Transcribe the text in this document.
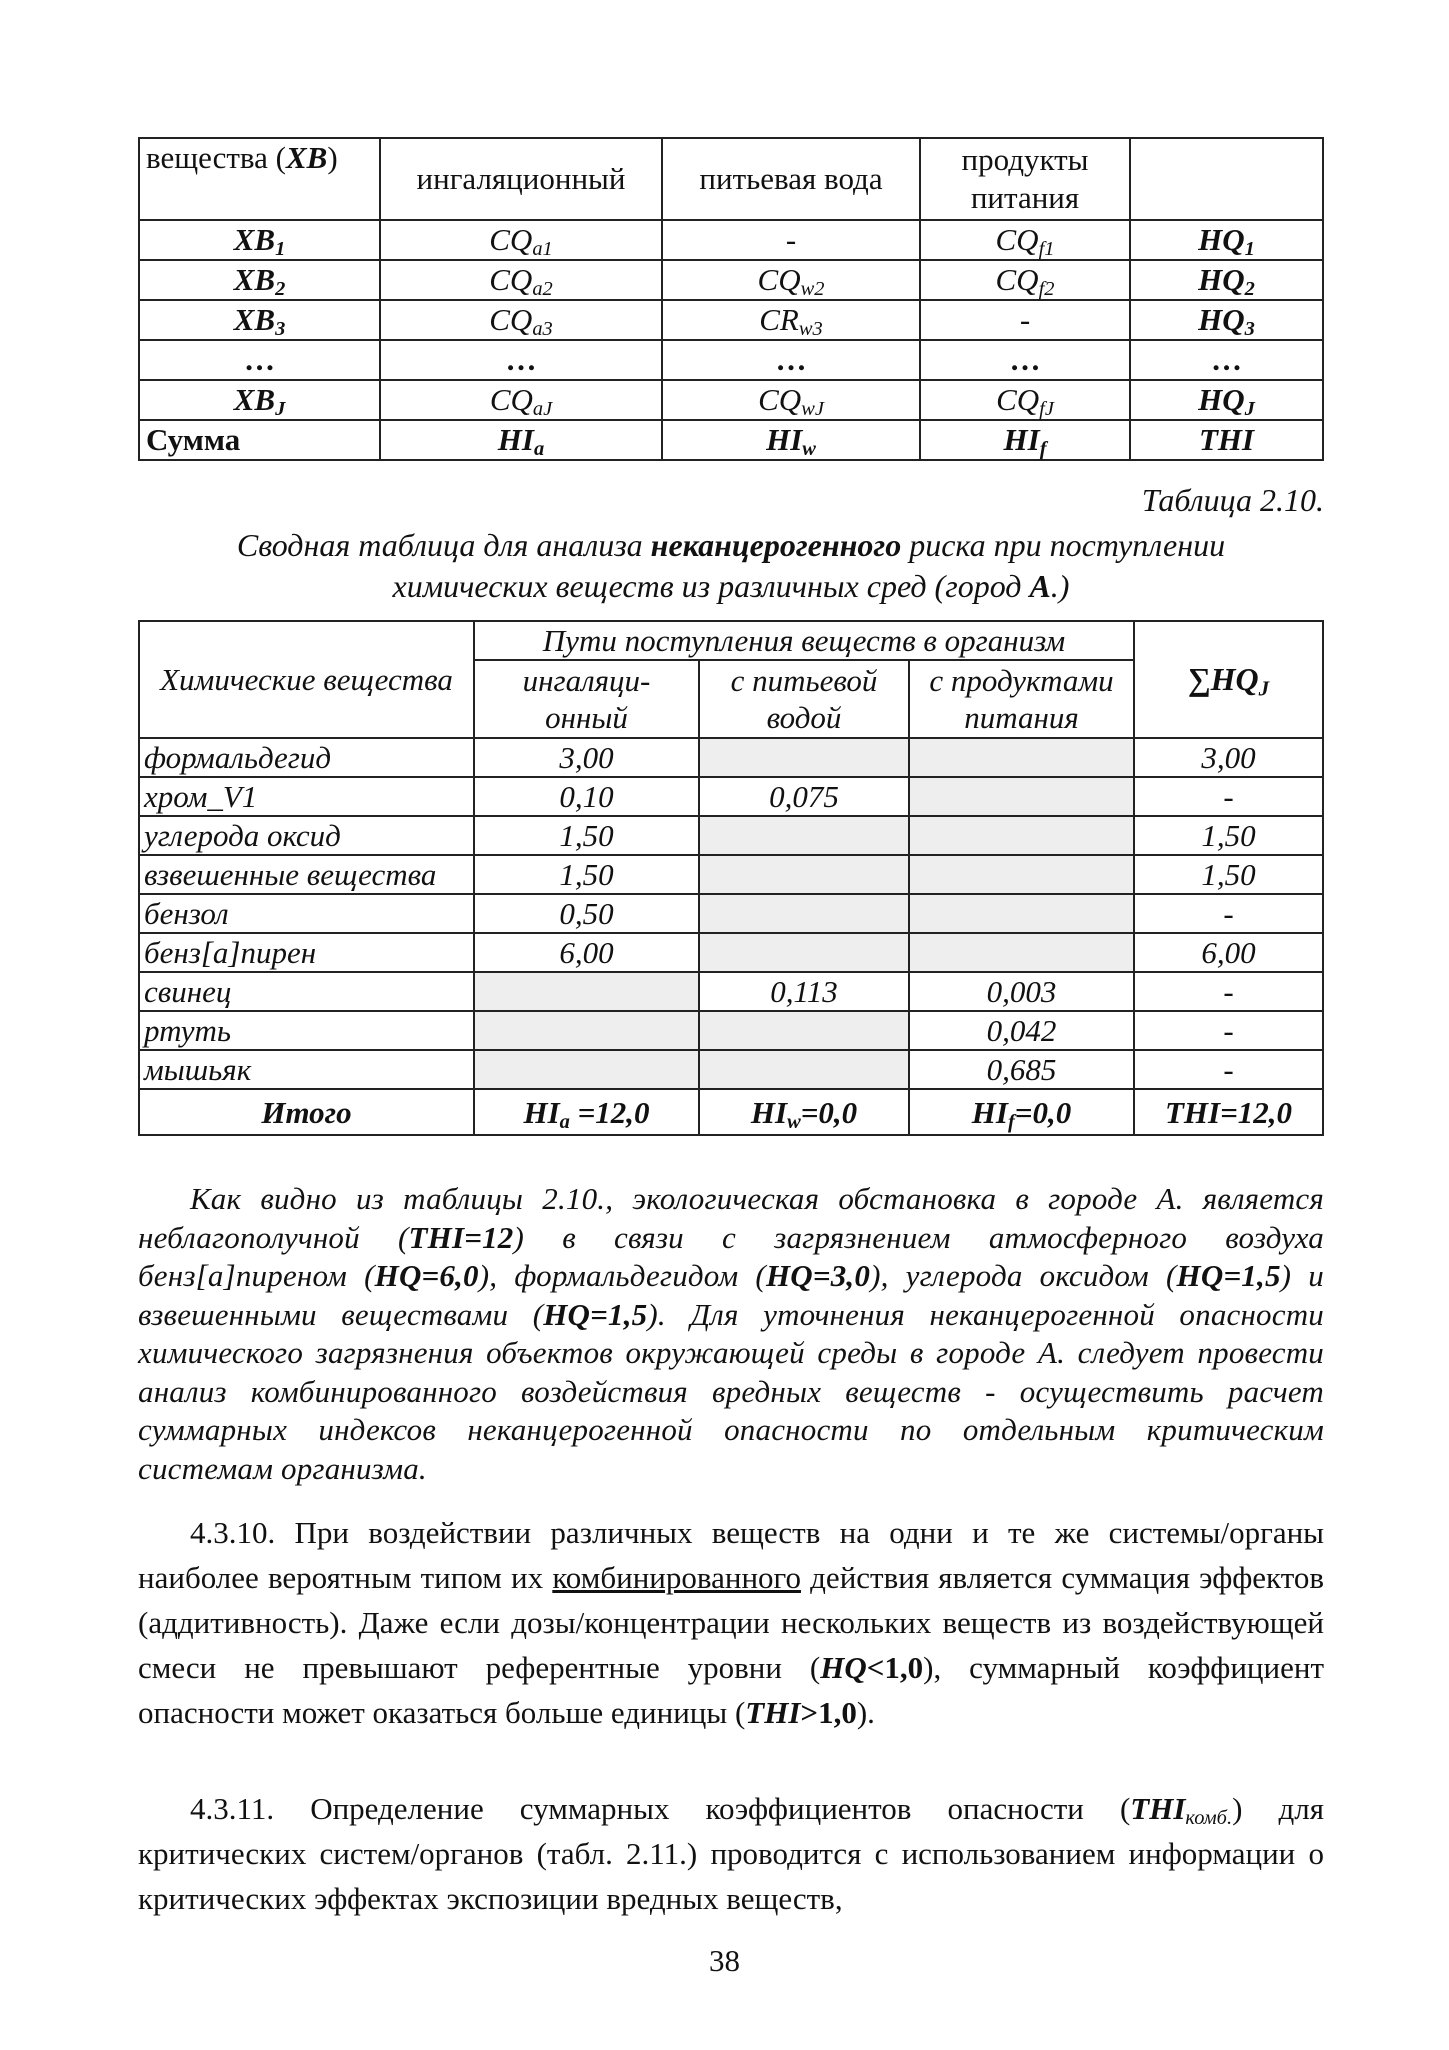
вещества (ХВ)	ингаляционный	питьевая вода	продукты питания	
$ХВ_1$	$CQ_{a1}$	-	$CQ_{f1}$	$HQ_1$
$ХВ_2$	$CQ_{a2}$	$CQ_{w2}$	$CQ_{f2}$	$HQ_2$
$ХВ_3$	$CQ_{a3}$	$CR_{w3}$	-	$HQ_3$
…	…	…	…	…
$ХВ_J$	$CQ_{aJ}$	$CQ_{wJ}$	$CQ_{fJ}$	$HQ_J$
Сумма	$HI_a$	$HI_w$	$HI_f$	THI
Таблица 2.10.
Сводная таблица для анализа неканцерогенного риска при поступлении
химических веществ из различных сред (город А.)
Химические вещества	Пути поступления веществ в организм			$\sum HQ_J$
	ингаляци- онный	с питьевой водой	с продуктами питания	
формальдегид	3,00			3,00
хром_V1	0,10	0,075		-
углерода оксид	1,50			1,50
взвешенные вещества	1,50			1,50
бензол	0,50			-
бенз[а]пирен	6,00			6,00
свинец		0,113	0,003	-
ртуть			0,042	-
мышьяк			0,685	-
Итого	$HI_a =12,0$	$HI_w=0,0$	$HI_f=0,0$	THI=12,0
Как видно из таблицы 2.10., экологическая обстановка в городе А. является неблагополучной (THI=12) в связи с загрязнением атмосферного воздуха бенз[а]пиреном (HQ=6,0), формальдегидом (HQ=3,0), углерода оксидом (HQ=1,5) и взвешенными веществами (HQ=1,5). Для уточнения неканцерогенной опасности химического загрязнения объектов окружающей среды в городе А. следует провести анализ комбинированного воздействия вредных веществ - осуществить расчет суммарных индексов неканцерогенной опасности по отдельным критическим системам организма.
4.3.10. При воздействии различных веществ на одни и те же системы/органы наиболее вероятным типом их комбинированного действия является суммация эффектов (аддитивность). Даже если дозы/концентрации нескольких веществ из воздействующей смеси не превышают референтные уровни (HQ<1,0), суммарный коэффициент опасности может оказаться больше единицы (THI>1,0).
4.3.11. Определение суммарных коэффициентов опасности $(THI_{комб.})$ для критических систем/органов (табл. 2.11.) проводится с использованием информации о критических эффектах экспозиции вредных веществ,
38
